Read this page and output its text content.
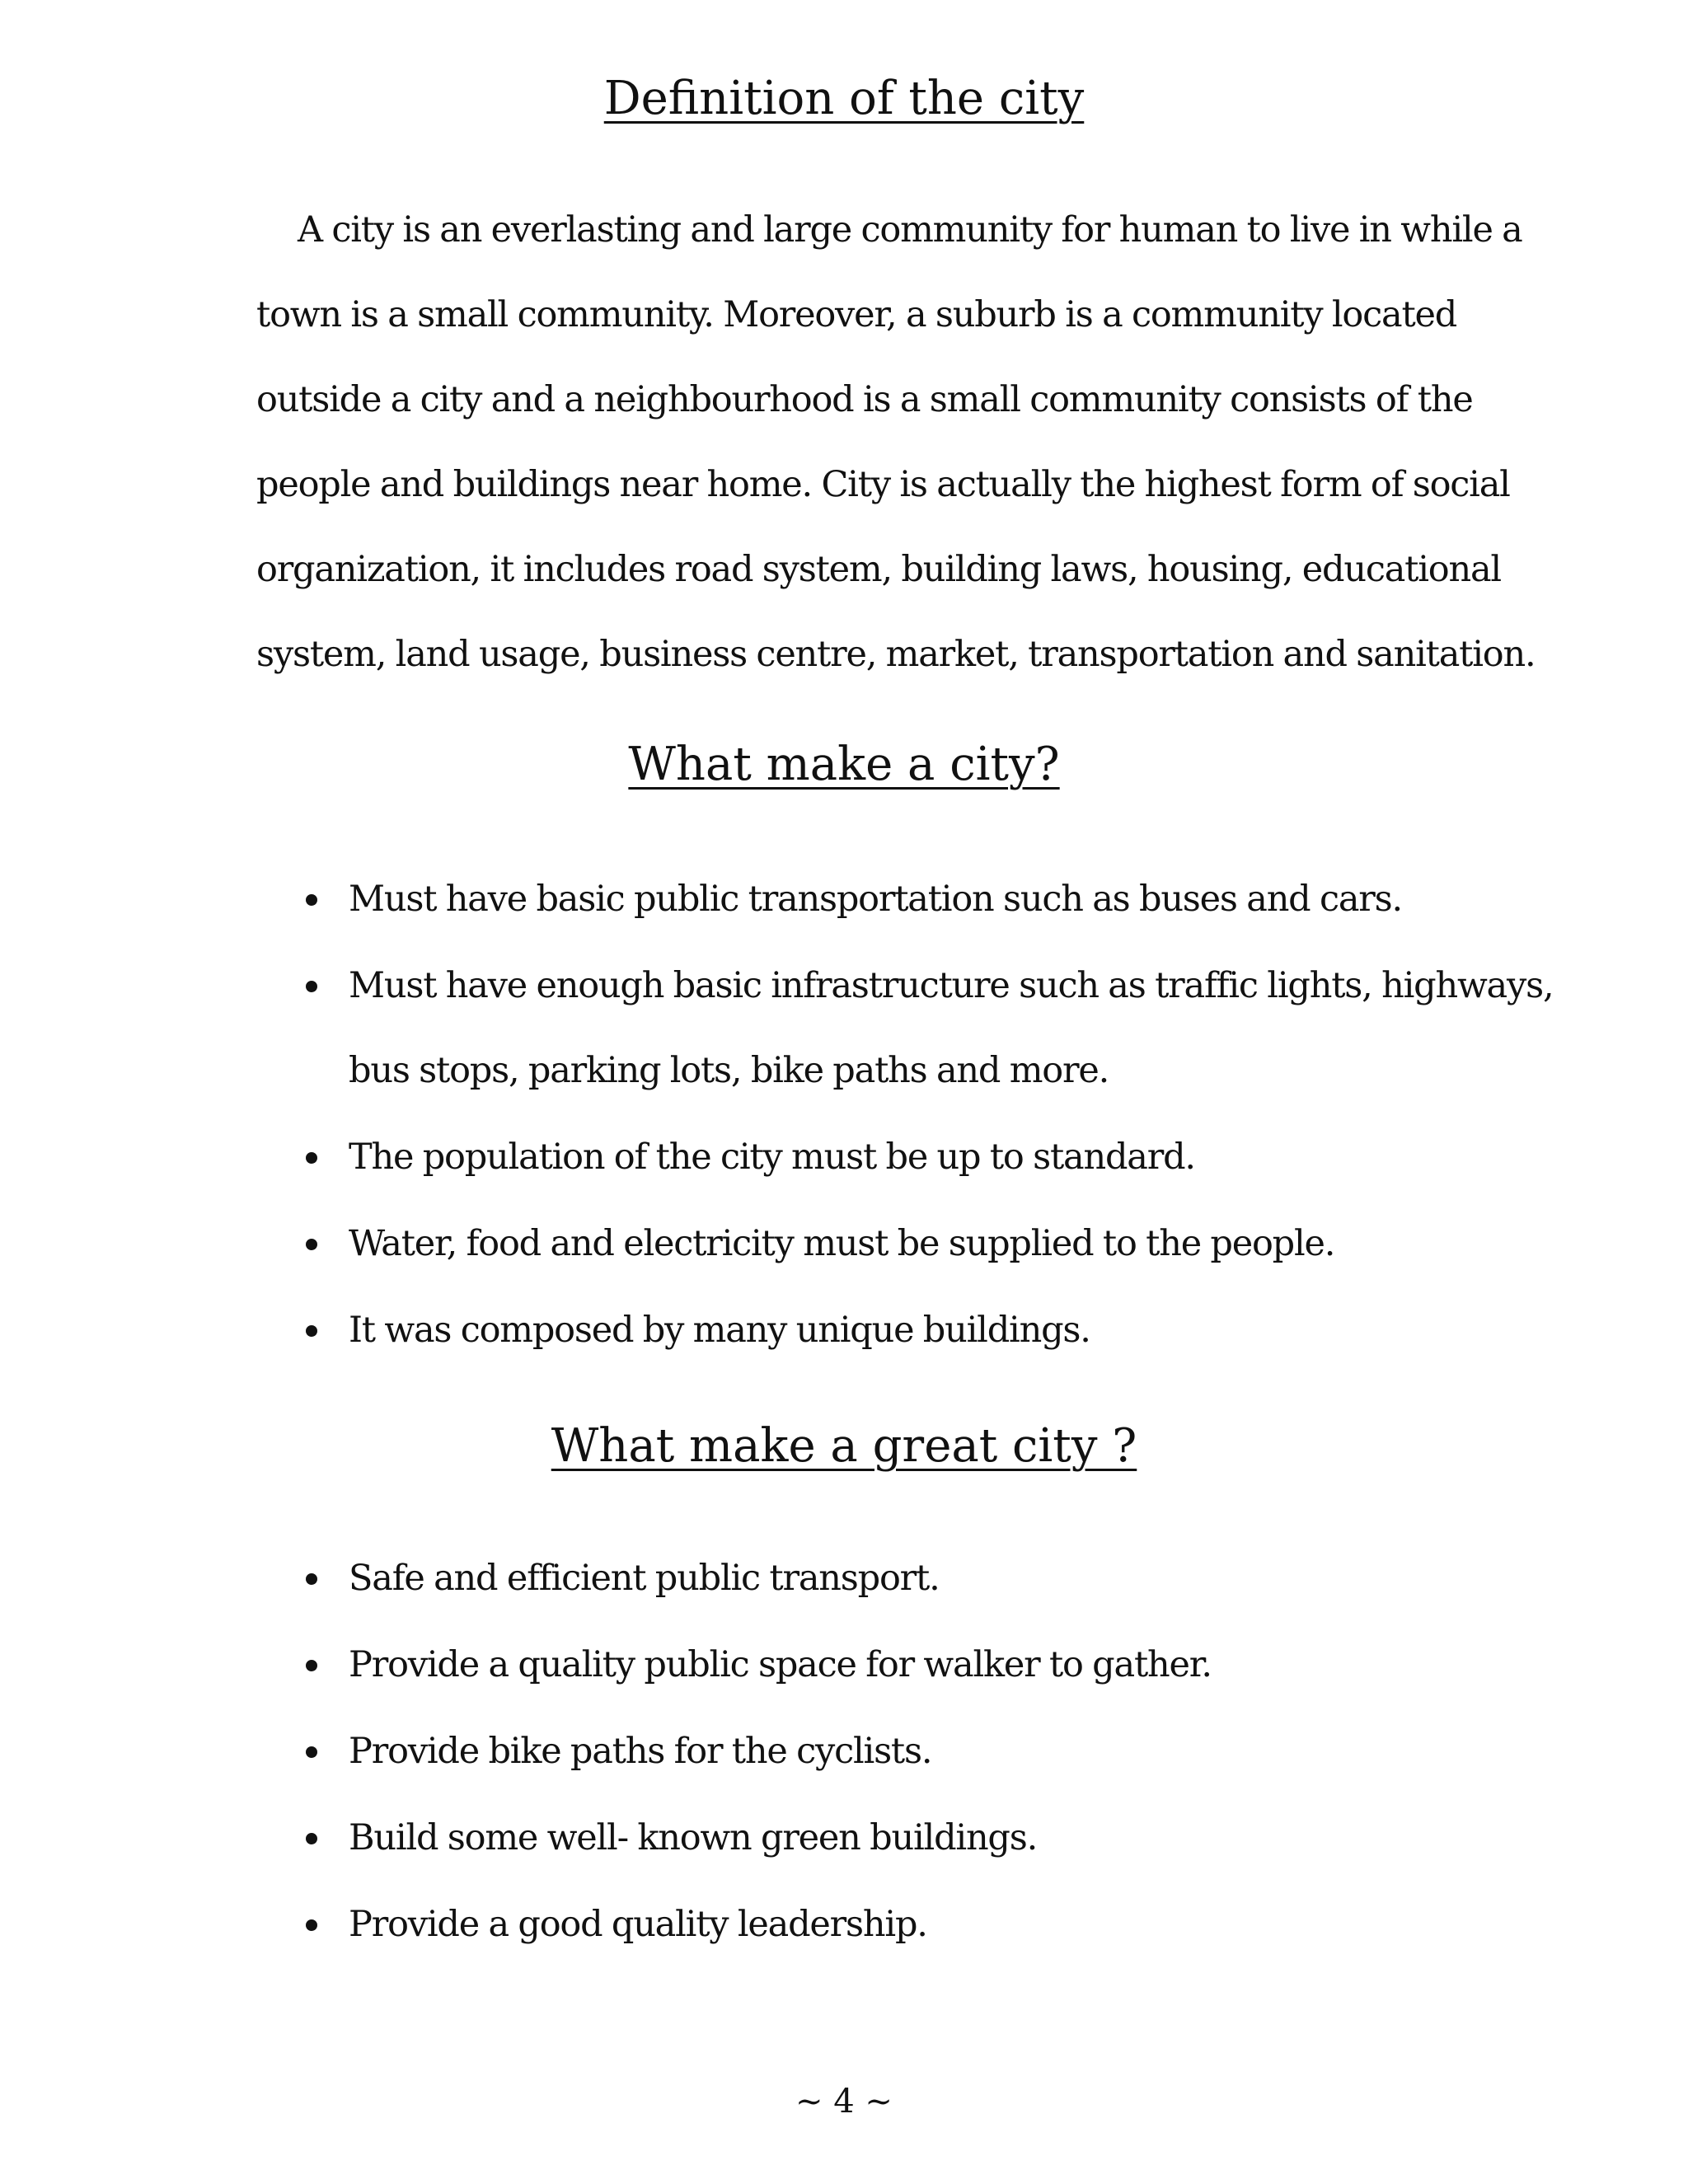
Definition of the city
A city is an everlasting and large community for human to live in while a
town is a small community. Moreover, a suburb is a community located
outside a city and a neighbourhood is a small community consists of the
people and buildings near home. City is actually the highest form of social
organization, it includes road system, building laws, housing, educational
system, land usage, business centre, market, transportation and sanitation.
What make a city?
Must have basic public transportation such as buses and cars.
Must have enough basic infrastructure such as traffic lights, highways,
bus stops, parking lots, bike paths and more.
The population of the city must be up to standard.
Water, food and electricity must be supplied to the people.
It was composed by many unique buildings.
What make a great city ?
Safe and efficient public transport.
Provide a quality public space for walker to gather.
Provide bike paths for the cyclists.
Build some well- known green buildings.
Provide a good quality leadership.
~ 4 ~
